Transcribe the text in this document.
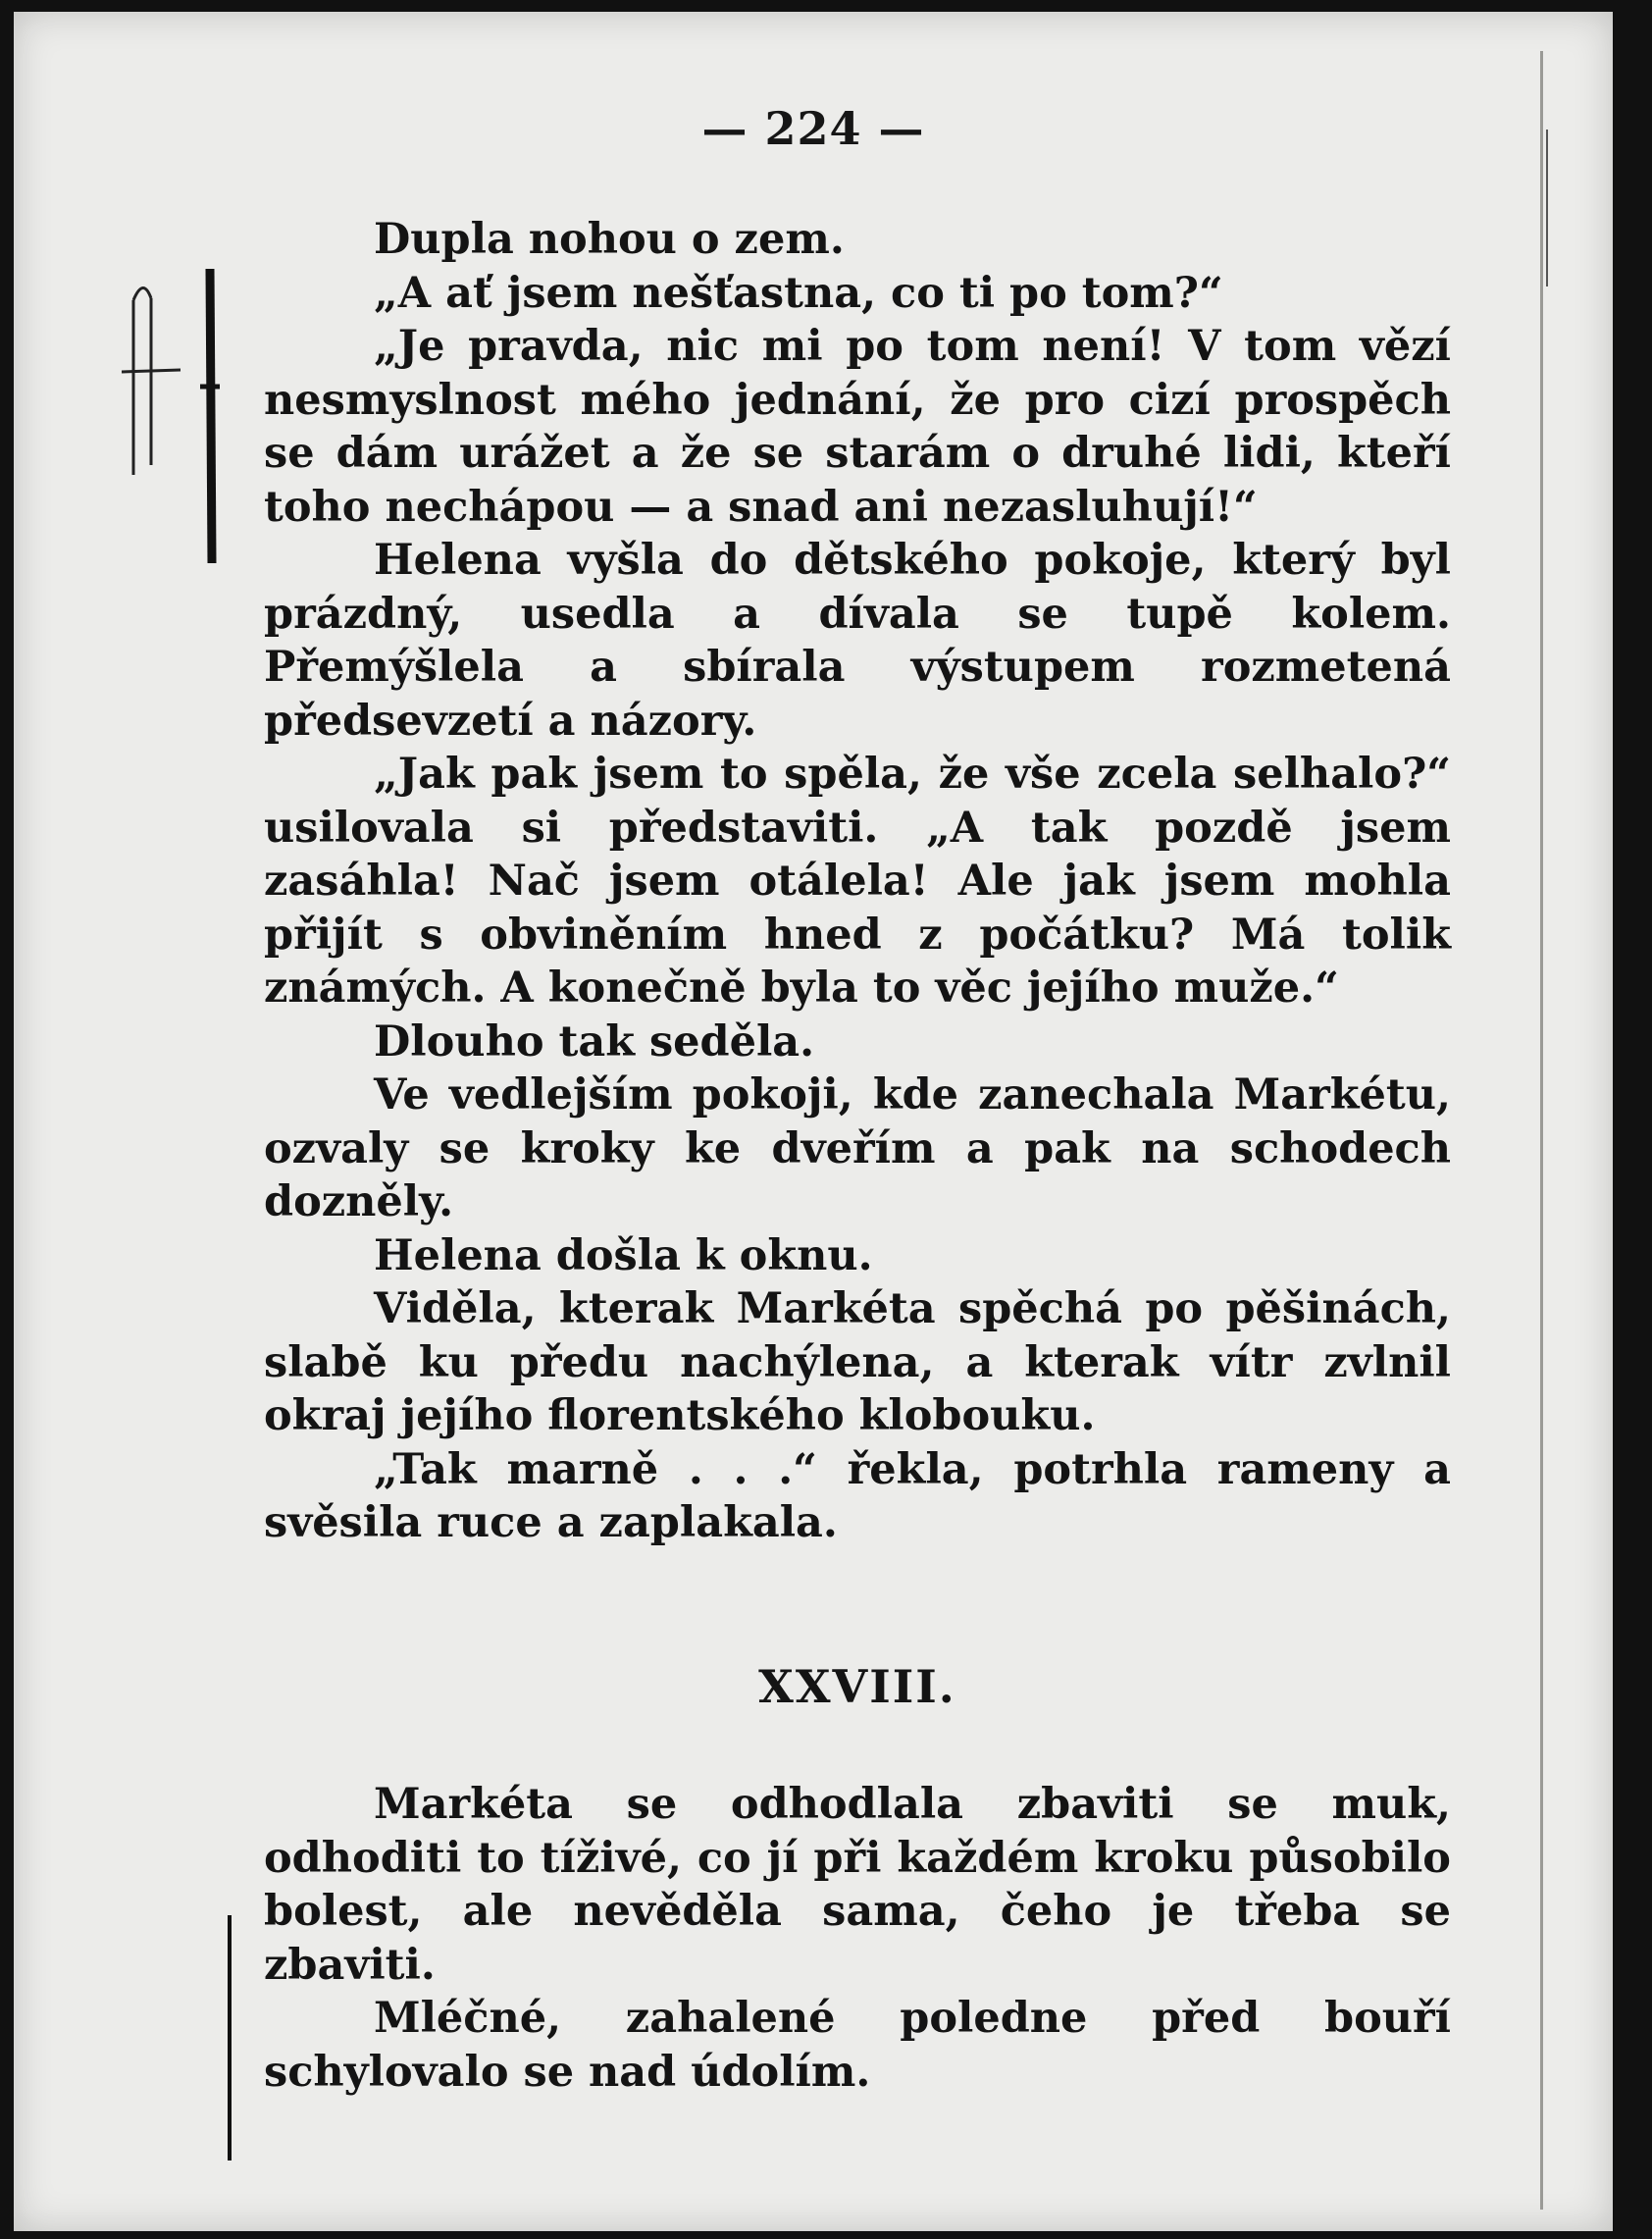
— 224 —

Dupla nohou o zem.

„A ať jsem nešťastna, co ti po tom?“

„Je pravda, nic mi po tom není! V tom vězí nesmyslnost mého jednání, že pro cizí prospěch se dám urážet a že se starám o druhé lidi, kteří toho nechápou — a snad ani nezasluhují!“

Helena vyšla do dětského pokoje, který byl prázdný, usedla a dívala se tupě kolem. Přemýšlela a sbírala výstupem rozmetená předsevzetí a názory.

„Jak pak jsem to spěla, že vše zcela selhalo?“ usilovala si představiti. „A tak pozdě jsem zasáhla! Nač jsem otálela! Ale jak jsem mohla přijít s obviněním hned z počátku? Má tolik známých. A konečně byla to věc jejího muže.“

Dlouho tak seděla.

Ve vedlejším pokoji, kde zanechala Markétu, ozvaly se kroky ke dveřím a pak na schodech dozněly.

Helena došla k oknu.

Viděla, kterak Markéta spěchá po pěšinách, slabě ku předu nachýlena, a kterak vítr zvlnil okraj jejího florentského klobouku.

„Tak marně . . .“ řekla, potrhla rameny a svěsila ruce a zaplakala.

XXVIII.

Markéta se odhodlala zbaviti se muk, odhoditi to tíživé, co jí při každém kroku působilo bolest, ale nevěděla sama, čeho je třeba se zbaviti.

Mléčné, zahalené poledne před bouří schylovalo se nad údolím.
